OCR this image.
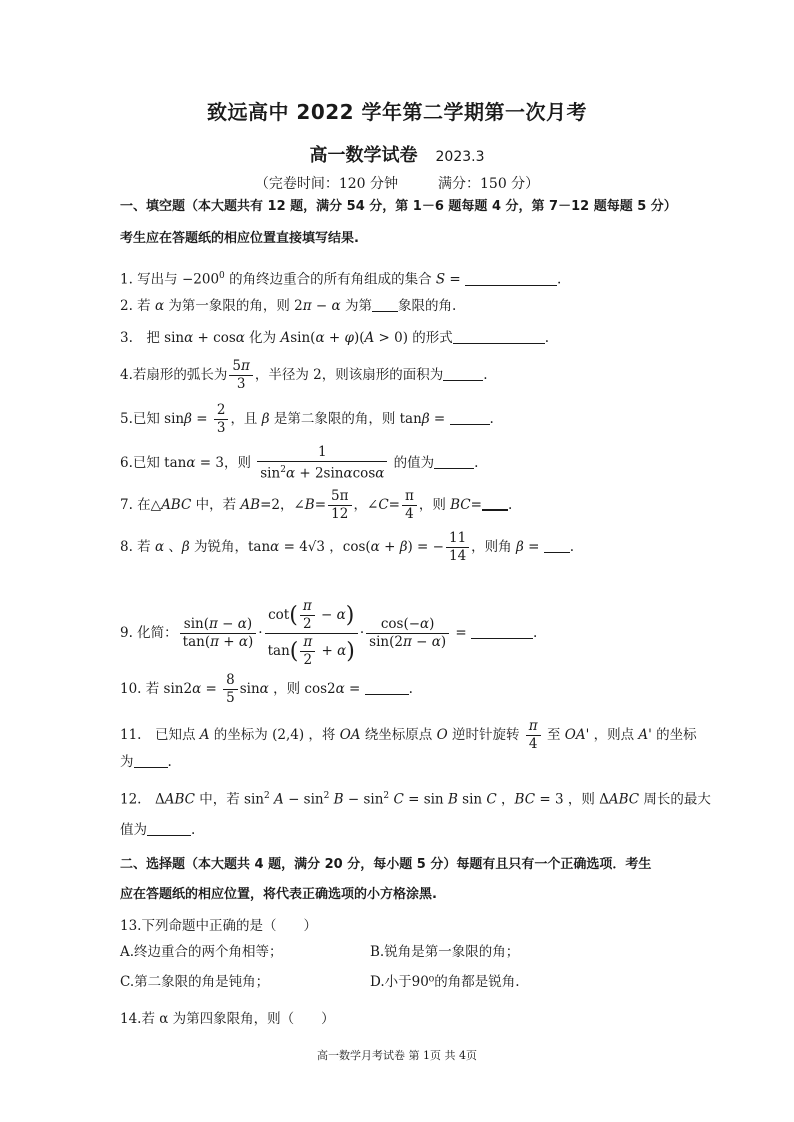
致远高中 2022 学年第二学期第一次月考
高一数学试卷 2023.3
（完卷时间：120 分钟	满分：150 分）
一、填空题（本大题共有 12 题，满分 54 分，第 1－6 题每题 4 分，第 7－12 题每题 5 分）
考生应在答题纸的相应位置直接填写结果.
1. 写出与 $-200^0$ 的角终边重合的所有角组成的集合 S =	.
2. 若 α 为第一象限的角，则 2π − α 为第 象限的角.
3.　把 sinα + cosα 化为 Asin(α + φ)(A > 0) 的形式	.
4.若扇形的弧长为 $\frac{5\pi}{3}$ ，半径为 2，则该扇形的面积为	.
5.已知 $\sin\beta = \frac{2}{3}$ ，且 β 是第二象限的角，则 tanβ =	.
6.已知 tanα = 3，则 $\frac{1}{\sin^2\alpha + 2\sin\alpha\cos\alpha}$ 的值为	.
7. 在△ABC 中，若 AB=2，∠B= $\frac{5\pi}{12}$ ，∠C= $\frac{\pi}{4}$ ，则 BC= .
8. 若 α 、β 为锐角，tanα = 4√3 ，cos(α + β) = − $\frac{11}{14}$ ，则角 β = .
9. 化简： $\frac{\sin(\pi - \alpha)}{\tan(\pi + \alpha)} \cdot \frac{\cot( \frac{\pi}{2} - \alpha)}{\tan( \frac{\pi}{2} + \alpha)} \cdot \frac{\cos(-\alpha)}{\sin(2\pi - \alpha)}$ =	.
10. 若 $\sin 2\alpha = \frac{8}{5}$ sinα ，则 cos2α =	.
11.　已知点 A 的坐标为 (2,4) ，将 OA 绕坐标原点 O 逆时针旋转 $\frac{\pi}{4}$ 至 OA' ，则点 A' 的坐标
为	.
12.　ΔABC 中，若 $\sin^2 A - \sin^2 B - \sin^2 C = \sin B$ sin C ，BC = 3 ，则 ΔABC 周长的最大
值为	.
二、选择题（本大题共 4 题，满分 20 分，每小题 5 分）每题有且只有一个正确选项．考生
应在答题纸的相应位置，将代表正确选项的小方格涂黑.
13.下列命题中正确的是（　　）
A.终边重合的两个角相等；	B.锐角是第一象限的角；
C.第二象限的角是钝角；	D.小于90⁰的角都是锐角.
14.若 α 为第四象限角，则（　　）
高一数学月考试卷 第 1页 共 4页
